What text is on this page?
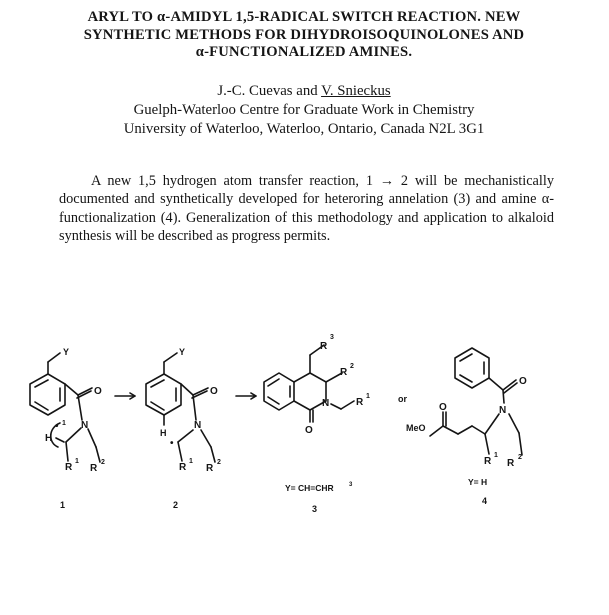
ARYL TO α-AMIDYL 1,5-RADICAL SWITCH REACTION. NEW
SYNTHETIC METHODS FOR DIHYDROISOQUINOLONES AND
α-FUNCTIONALIZED AMINES.
J.-C. Cuevas and V. Snieckus
Guelph-Waterloo Centre for Graduate Work in Chemistry
University of Waterloo, Waterloo, Ontario, Canada N2L 3G1

A new 1,5 hydrogen atom transfer reaction, 1 → 2 will be mechanistically documented and synthetically developed for heteroring annelation (3) and amine α-functionalization (4). Generalization of this methodology and application to alkaloid synthesis will be described as progress permits.

Y
O
N
• 1
H
R
1
R
2
Y
O
N
H
•
R
1
R
2
R
3
R
2
N	R
1
O
or
O
N
MeO
O
R
1
R
2
Y= CH=CHR	3	Y= H
1	2	3
4
